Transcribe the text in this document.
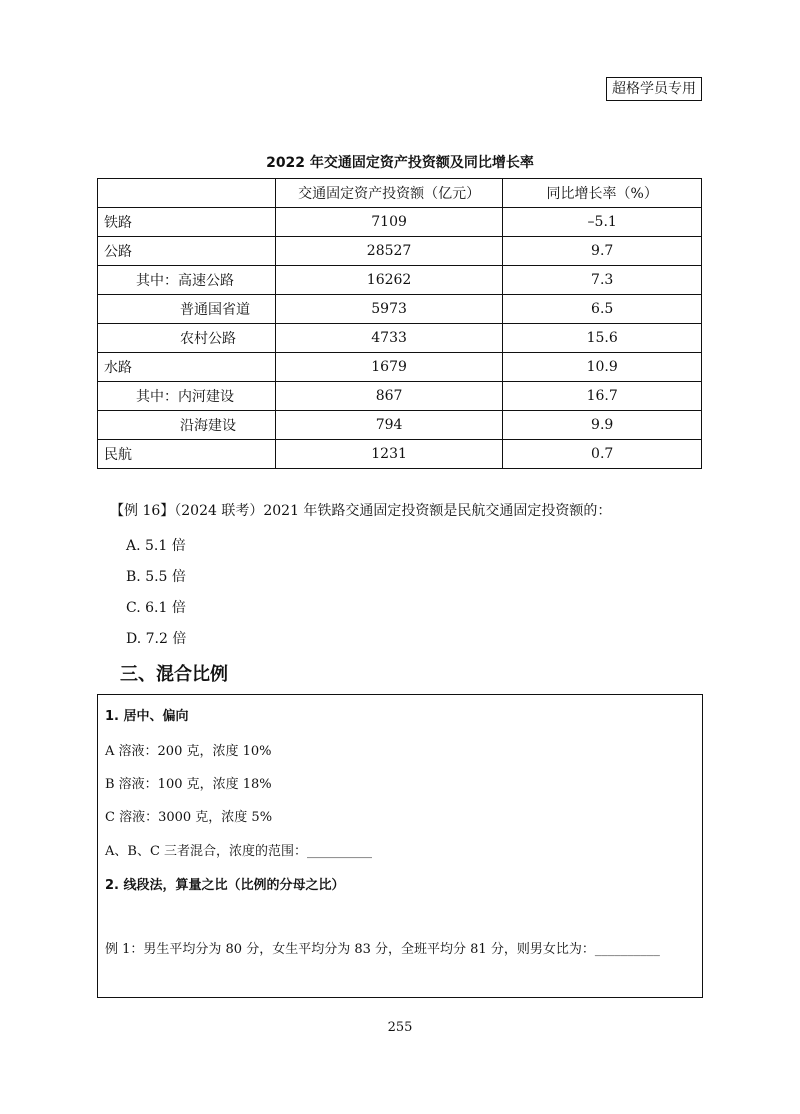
超格学员专用
2022 年交通固定资产投资额及同比增长率
	交通固定资产投资额（亿元）	同比增长率（%）
铁路	7109	–5.1
公路	28527	9.7
其中：高速公路	16262	7.3
普通国省道	5973	6.5
农村公路	4733	15.6
水路	1679	10.9
其中：内河建设	867	16.7
沿海建设	794	9.9
民航	1231	0.7
【例 16】（2024 联考）2021 年铁路交通固定投资额是民航交通固定投资额的：
A. 5.1 倍
B. 5.5 倍
C. 6.1 倍
D. 7.2 倍
三、混合比例
1. 居中、偏向
A 溶液：200 克，浓度 10%
B 溶液：100 克，浓度 18%
C 溶液：3000 克，浓度 5%
A、B、C 三者混合，浓度的范围：__________
2. 线段法，算量之比（比例的分母之比）
例 1：男生平均分为 80 分，女生平均分为 83 分，全班平均分 81 分，则男女比为：__________
255
